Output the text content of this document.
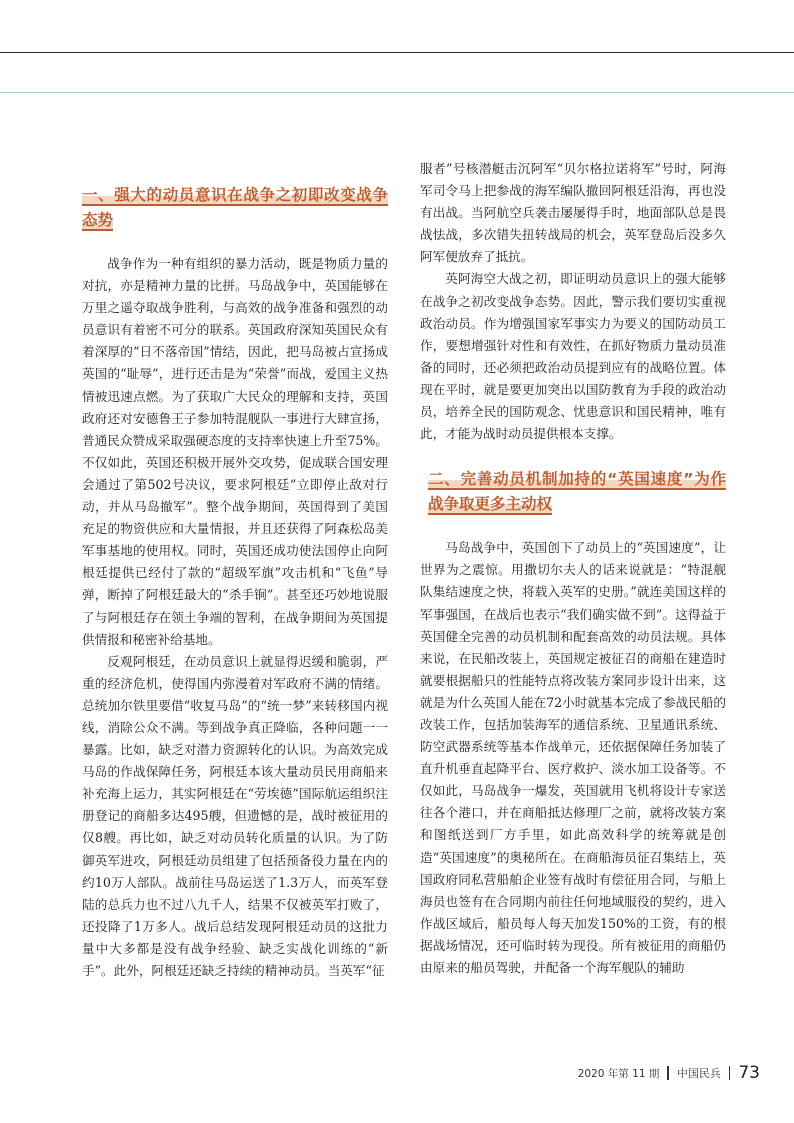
一、强大的动员意识在战争之初即改变战争态势

战争作为一种有组织的暴力活动，既是物质力量的对抗，亦是精神力量的比拼。马岛战争中，英国能够在万里之遥夺取战争胜利，与高效的战争准备和强烈的动员意识有着密不可分的联系。英国政府深知英国民众有着深厚的“日不落帝国”情结，因此，把马岛被占宣扬成英国的“耻辱”，进行还击是为“荣誉”而战，爱国主义热情被迅速点燃。为了获取广大民众的理解和支持，英国政府还对安德鲁王子参加特混舰队一事进行大肆宣扬，普通民众赞成采取强硬态度的支持率快速上升至75%。不仅如此，英国还积极开展外交攻势，促成联合国安理会通过了第502号决议，要求阿根廷“立即停止敌对行动，并从马岛撤军”。整个战争期间，英国得到了美国充足的物资供应和大量情报，并且还获得了阿森松岛美军事基地的使用权。同时，英国还成功使法国停止向阿根廷提供已经付了款的“超级军旗”攻击机和“飞鱼”导弹，断掉了阿根廷最大的“杀手锏”。甚至还巧妙地说服了与阿根廷存在领土争端的智利，在战争期间为英国提供情报和秘密补给基地。

反观阿根廷，在动员意识上就显得迟缓和脆弱，严重的经济危机，使得国内弥漫着对军政府不满的情绪。总统加尔铁里要借“收复马岛”的“统一梦”来转移国内视线，消除公众不满。等到战争真正降临，各种问题一一暴露。比如，缺乏对潜力资源转化的认识。为高效完成马岛的作战保障任务，阿根廷本该大量动员民用商船来补充海上运力，其实阿根廷在“劳埃德”国际航运组织注册登记的商船多达495艘，但遗憾的是，战时被征用的仅8艘。再比如，缺乏对动员转化质量的认识。为了防御英军进攻，阿根廷动员组建了包括预备役力量在内的约10万人部队。战前往马岛运送了1.3万人，而英军登陆的总兵力也不过八九千人，结果不仅被英军打败了，还投降了1万多人。战后总结发现阿根廷动员的这批力量中大多都是没有战争经验、缺乏实战化训练的“新手”。此外，阿根廷还缺乏持续的精神动员。当英军“征

服者”号核潜艇击沉阿军“贝尔格拉诺将军”号时，阿海军司令马上把参战的海军编队撤回阿根廷沿海，再也没有出战。当阿航空兵袭击屡屡得手时，地面部队总是畏战怯战，多次错失扭转战局的机会，英军登岛后没多久阿军便放弃了抵抗。

英阿海空大战之初，即证明动员意识上的强大能够在战争之初改变战争态势。因此，警示我们要切实重视政治动员。作为增强国家军事实力为要义的国防动员工作，要想增强针对性和有效性，在抓好物质力量动员准备的同时，还必须把政治动员提到应有的战略位置。体现在平时，就是要更加突出以国防教育为手段的政治动员，培养全民的国防观念、忧患意识和国民精神，唯有此，才能为战时动员提供根本支撑。

二、完善动员机制加持的“英国速度”为作战争取更多主动权

马岛战争中，英国创下了动员上的“英国速度”，让世界为之震惊。用撒切尔夫人的话来说就是：“特混舰队集结速度之快，将载入英军的史册。”就连美国这样的军事强国，在战后也表示“我们确实做不到”。这得益于英国健全完善的动员机制和配套高效的动员法规。具体来说，在民船改装上，英国规定被征召的商船在建造时就要根据船只的性能特点将改装方案同步设计出来，这就是为什么英国人能在72小时就基本完成了参战民船的改装工作，包括加装海军的通信系统、卫星通讯系统、防空武器系统等基本作战单元，还依据保障任务加装了直升机垂直起降平台、医疗救护、淡水加工设备等。不仅如此，马岛战争一爆发，英国就用飞机将设计专家送往各个港口，并在商船抵达修理厂之前，就将改装方案和图纸送到厂方手里，如此高效科学的统筹就是创造“英国速度”的奥秘所在。在商船海员征召集结上，英国政府同私营船舶企业签有战时有偿征用合同，与船上海员也签有在合同期内前往任何地域服役的契约，进入作战区域后，船员每人每天加发150%的工资，有的根据战场情况，还可临时转为现役。所有被征用的商船仍由原来的船员驾驶，并配备一个海军舰队的辅助

2020 年第 11 期 中国民兵 73
